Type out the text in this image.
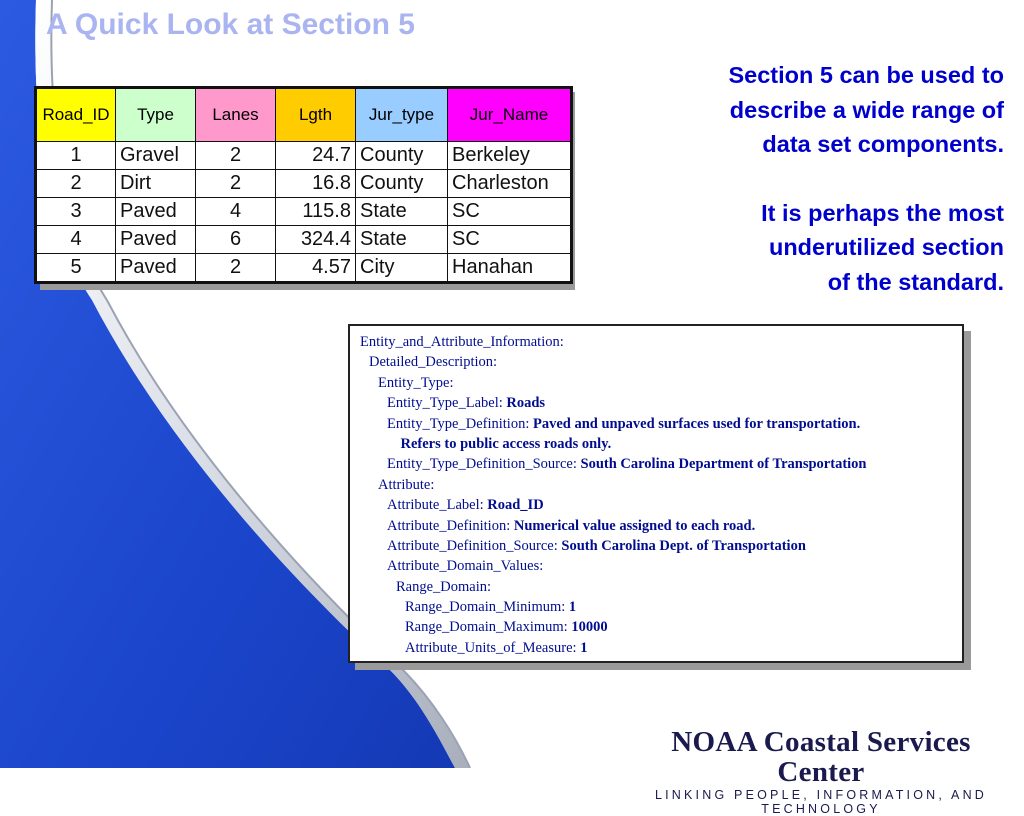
A Quick Look at Section 5
Road_ID	Type	Lanes	Lgth	Jur_type	Jur_Name
1	Gravel	2	24.7	County	Berkeley
2	Dirt	2	16.8	County	Charleston
3	Paved	4	115.8	State	SC
4	Paved	6	324.4	State	SC
5	Paved	2	4.57	City	Hanahan

Section 5 can be used to
describe a wide range of
data set components.

It is perhaps the most
underutilized section
of the standard.

Entity_and_Attribute_Information:
Detailed_Description:
Entity_Type:
Entity_Type_Label: Roads
Entity_Type_Definition: Paved and unpaved surfaces used for transportation.
Refers to public access roads only.
Entity_Type_Definition_Source: South Carolina Department of Transportation
Attribute:
Attribute_Label: Road_ID
Attribute_Definition: Numerical value assigned to each road.
Attribute_Definition_Source: South Carolina Dept. of Transportation
Attribute_Domain_Values:
Range_Domain:
Range_Domain_Minimum: 1
Range_Domain_Maximum: 10000
Attribute_Units_of_Measure: 1
NOAA Coastal Services Center
LINKING PEOPLE, INFORMATION, AND TECHNOLOGY
